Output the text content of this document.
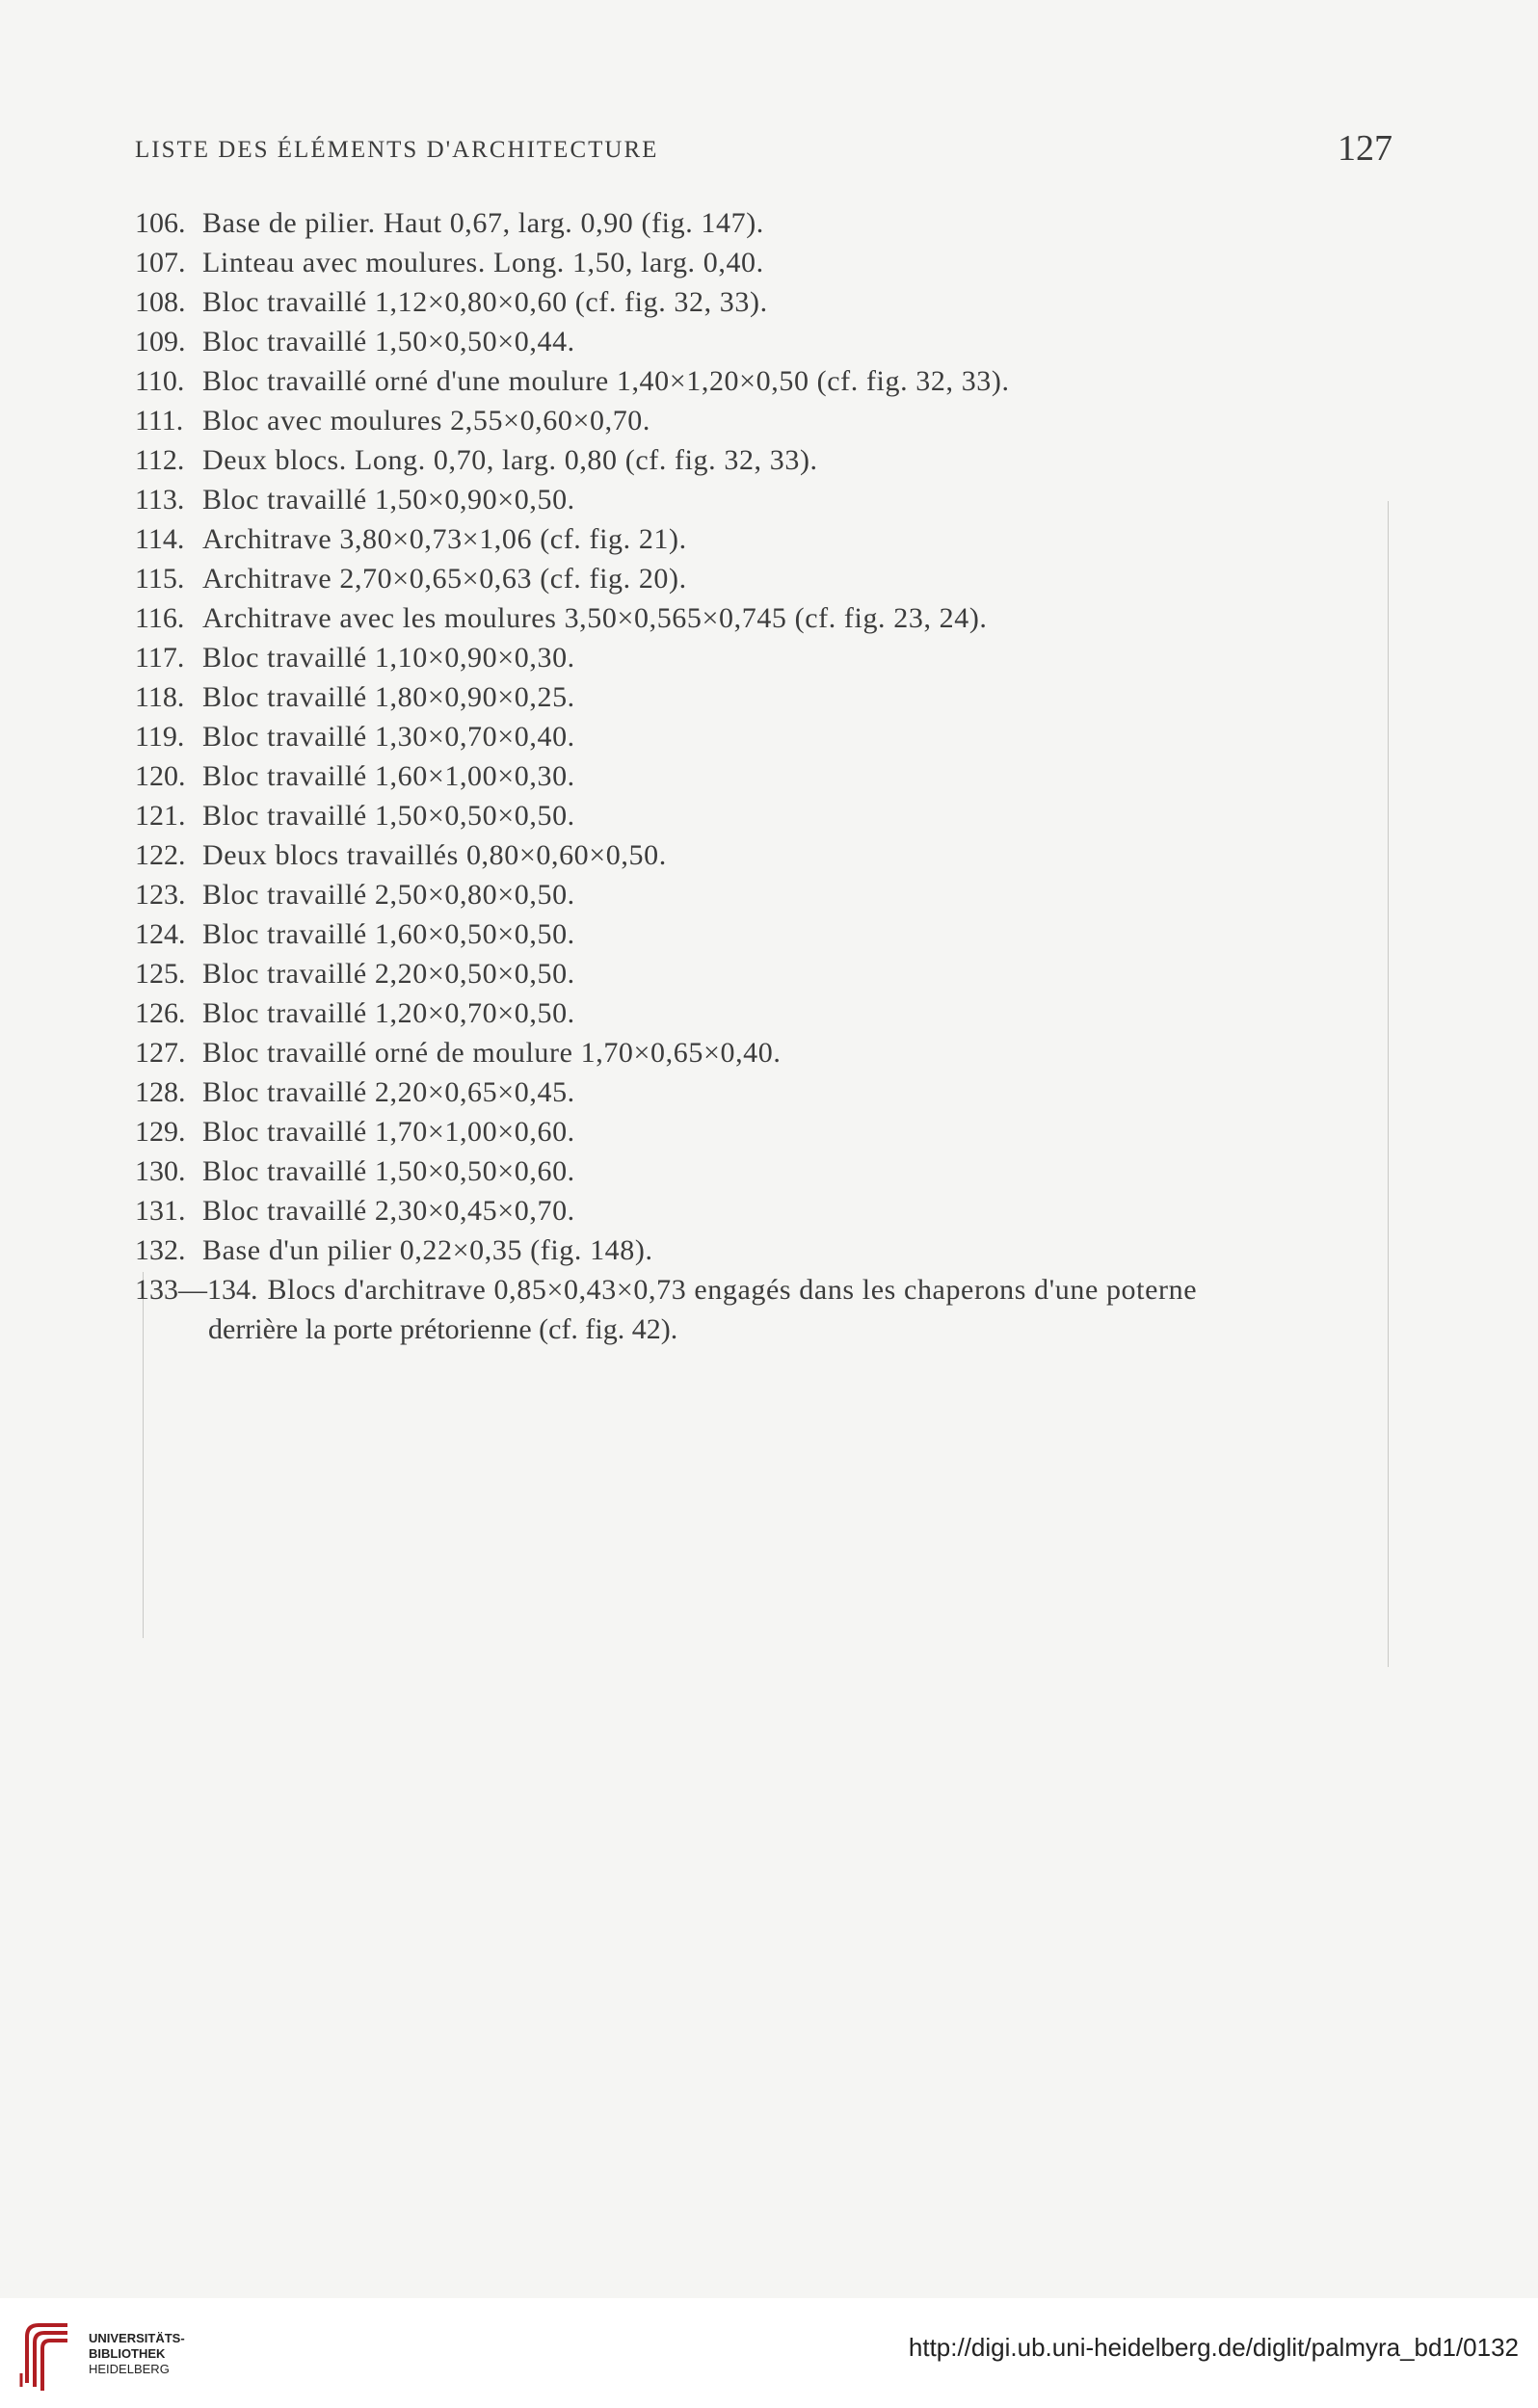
LISTE DES ÉLÉMENTS D'ARCHITECTURE	127
106. Base de pilier. Haut 0,67, larg. 0,90 (fig. 147).
107. Linteau avec moulures. Long. 1,50, larg. 0,40.
108. Bloc travaillé 1,12×0,80×0,60 (cf. fig. 32, 33).
109. Bloc travaillé 1,50×0,50×0,44.
110. Bloc travaillé orné d'une moulure 1,40×1,20×0,50 (cf. fig. 32, 33).
111. Bloc avec moulures 2,55×0,60×0,70.
112. Deux blocs. Long. 0,70, larg. 0,80 (cf. fig. 32, 33).
113. Bloc travaillé 1,50×0,90×0,50.
114. Architrave 3,80×0,73×1,06 (cf. fig. 21).
115. Architrave 2,70×0,65×0,63 (cf. fig. 20).
116. Architrave avec les moulures 3,50×0,565×0,745 (cf. fig. 23, 24).
117. Bloc travaillé 1,10×0,90×0,30.
118. Bloc travaillé 1,80×0,90×0,25.
119. Bloc travaillé 1,30×0,70×0,40.
120. Bloc travaillé 1,60×1,00×0,30.
121. Bloc travaillé 1,50×0,50×0,50.
122. Deux blocs travaillés 0,80×0,60×0,50.
123. Bloc travaillé 2,50×0,80×0,50.
124. Bloc travaillé 1,60×0,50×0,50.
125. Bloc travaillé 2,20×0,50×0,50.
126. Bloc travaillé 1,20×0,70×0,50.
127. Bloc travaillé orné de moulure 1,70×0,65×0,40.
128. Bloc travaillé 2,20×0,65×0,45.
129. Bloc travaillé 1,70×1,00×0,60.
130. Bloc travaillé 1,50×0,50×0,60.
131. Bloc travaillé 2,30×0,45×0,70.
132. Base d'un pilier 0,22×0,35 (fig. 148).
133—134. Blocs d'architrave 0,85×0,43×0,73 engagés dans les chaperons d'une poterne
derrière la porte prétorienne (cf. fig. 42).
UNIVERSITÄTS-
BIBLIOTHEK
HEIDELBERG
http://digi.ub.uni-heidelberg.de/diglit/palmyra_bd1/0132
